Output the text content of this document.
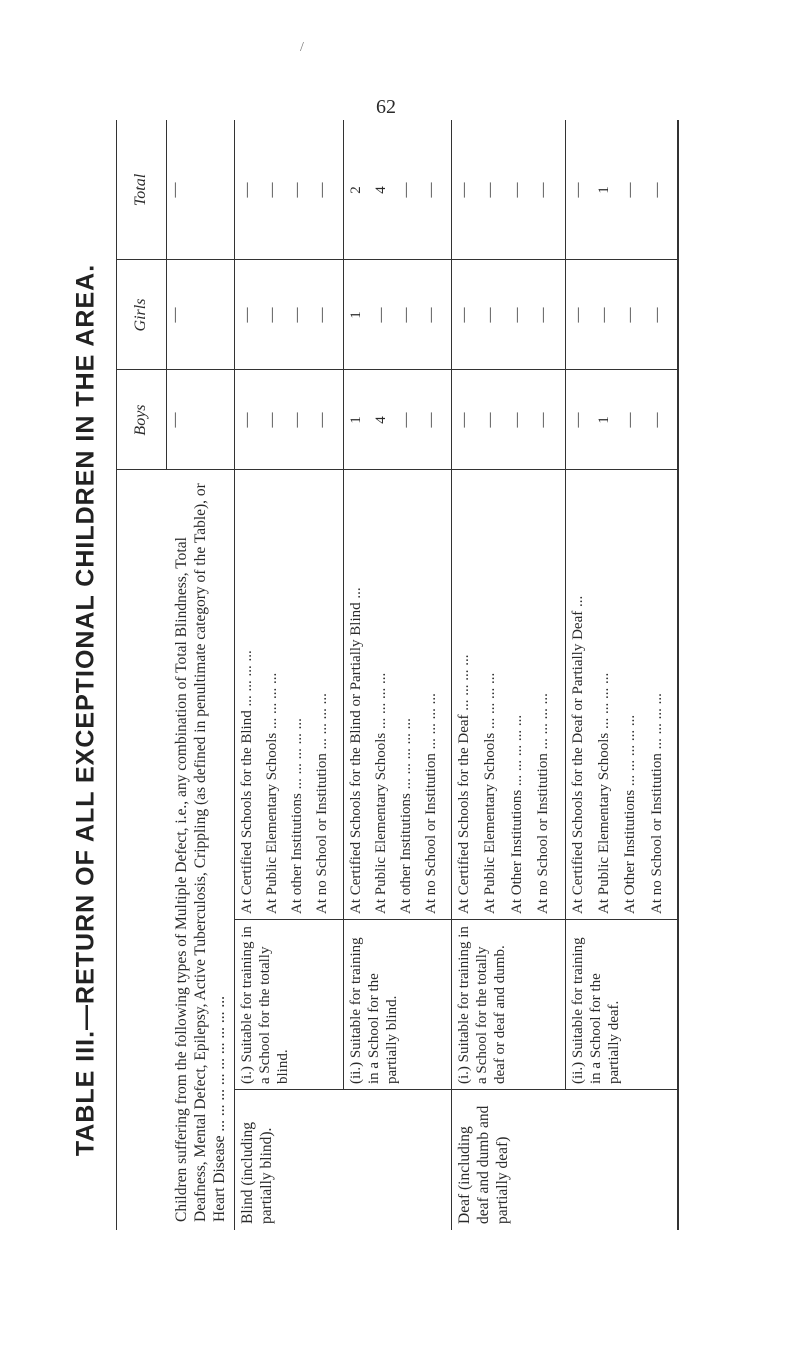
/
62
TABLE III.—RETURN OF ALL EXCEPTIONAL CHILDREN IN THE AREA.	Boys
Girls
Total
Children suffering from the following types of Multiple Defect, i.e., any combination of Total Blindness, Total Deafness, Mental Defect, Epilepsy, Active Tuberculosis, Crippling (as defined in penultimate category of the Table), or Heart Disease ... ... ... ... ... ... ... ... ...
—
—
—
Blind (including partially blind).
(i.) Suitable for training in a School for the totally blind.
At Certified Schools for the Blind ... ... ... ...
—
—
—
At Public Elementary Schools ... ... ... ...
—
—
—
At other Institutions ... ... ... ... ...
—
—
—
At no School or Institution ... ... ... ...
—
—
—
(ii.) Suitable for training in a School for the partially blind.
At Certified Schools for the Blind or Partially Blind ...
1
1
2
At Public Elementary Schools ... ... ... ...
4
—
4
At other Institutions ... ... ... ... ...
—
—
—
At no School or Institution ... ... ... ...
—
—
—
Deaf (including deaf and dumb and partially deaf)
(i.) Suitable for training in a School for the totally deaf or deaf and dumb.
At Certified Schools for the Deaf ... ... ... ...
—
—
—
At Public Elementary Schools ... ... ... ...
—
—
—
At Other Institutions ... ... ... ... ...
—
—
—
At no School or Institution ... ... ... ...
—
—
—
(ii.) Suitable for training in a School for the partially deaf.
At Certified Schools for the Deaf or Partially Deaf ...
—
—
—
At Public Elementary Schools ... ... ... ...
1
—
1
At Other Institutions ... ... ... ... ...
—
—
—
At no School or Institution ... ... ... ...
—
—
—
